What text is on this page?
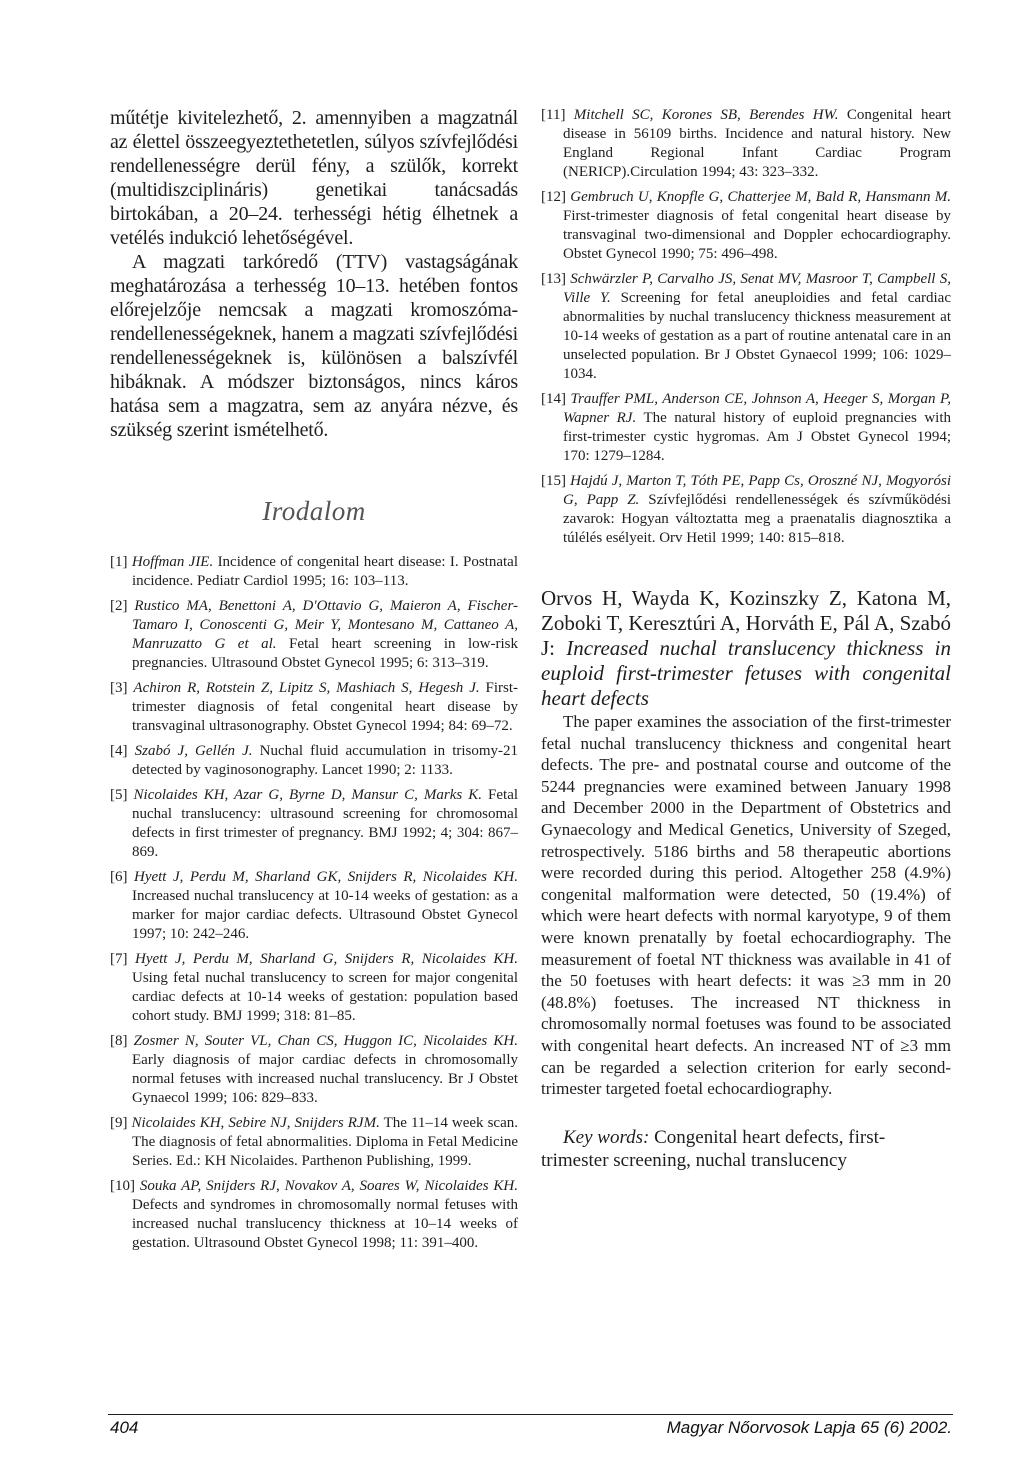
műtétje kivitelezhető, 2. amennyiben a magzatnál az élettel összeegyeztethetetlen, súlyos szívfejlődési rendellenességre derül fény, a szülők, korrekt (multidiszciplináris) genetikai tanácsadás birtokában, a 20–24. terhességi hétig élhetnek a vetélés indukció lehetőségével.

A magzati tarkóredő (TTV) vastagságának meghatározása a terhesség 10–13. hetében fontos előrejelzője nemcsak a magzati kromoszóma-rendellenességeknek, hanem a magzati szívfejlődési rendellenességeknek is, különösen a balszívfél hibáknak. A módszer biztonságos, nincs káros hatása sem a magzatra, sem az anyára nézve, és szükség szerint ismételhető.

Irodalom
[1] Hoffman JIE. Incidence of congenital heart disease: I. Postnatal incidence. Pediatr Cardiol 1995; 16: 103–113.
[2] Rustico MA, Benettoni A, D'Ottavio G, Maieron A, Fischer-Tamaro I, Conoscenti G, Meir Y, Montesano M, Cattaneo A, Manruzatto G et al. Fetal heart screening in low-risk pregnancies. Ultrasound Obstet Gynecol 1995; 6: 313–319.
[3] Achiron R, Rotstein Z, Lipitz S, Mashiach S, Hegesh J. First-trimester diagnosis of fetal congenital heart disease by transvaginal ultrasonography. Obstet Gynecol 1994; 84: 69–72.
[4] Szabó J, Gellén J. Nuchal fluid accumulation in trisomy-21 detected by vaginosonography. Lancet 1990; 2: 1133.
[5] Nicolaides KH, Azar G, Byrne D, Mansur C, Marks K. Fetal nuchal translucency: ultrasound screening for chromosomal defects in first trimester of pregnancy. BMJ 1992; 4; 304: 867–869.
[6] Hyett J, Perdu M, Sharland GK, Snijders R, Nicolaides KH. Increased nuchal translucency at 10-14 weeks of gestation: as a marker for major cardiac defects. Ultrasound Obstet Gynecol 1997; 10: 242–246.
[7] Hyett J, Perdu M, Sharland G, Snijders R, Nicolaides KH. Using fetal nuchal translucency to screen for major congenital cardiac defects at 10-14 weeks of gestation: population based cohort study. BMJ 1999; 318: 81–85.
[8] Zosmer N, Souter VL, Chan CS, Huggon IC, Nicolaides KH. Early diagnosis of major cardiac defects in chromosomally normal fetuses with increased nuchal translucency. Br J Obstet Gynaecol 1999; 106: 829–833.
[9] Nicolaides KH, Sebire NJ, Snijders RJM. The 11–14 week scan. The diagnosis of fetal abnormalities. Diploma in Fetal Medicine Series. Ed.: KH Nicolaides. Parthenon Publishing, 1999.
[10] Souka AP, Snijders RJ, Novakov A, Soares W, Nicolaides KH. Defects and syndromes in chromosomally normal fetuses with increased nuchal translucency thickness at 10–14 weeks of gestation. Ultrasound Obstet Gynecol 1998; 11: 391–400.
[11] Mitchell SC, Korones SB, Berendes HW. Congenital heart disease in 56109 births. Incidence and natural history. New England Regional Infant Cardiac Program (NERICP).Circulation 1994; 43: 323–332.
[12] Gembruch U, Knopfle G, Chatterjee M, Bald R, Hansmann M. First-trimester diagnosis of fetal congenital heart disease by transvaginal two-dimensional and Doppler echocardiography. Obstet Gynecol 1990; 75: 496–498.
[13] Schwärzler P, Carvalho JS, Senat MV, Masroor T, Campbell S, Ville Y. Screening for fetal aneuploidies and fetal cardiac abnormalities by nuchal translucency thickness measurement at 10-14 weeks of gestation as a part of routine antenatal care in an unselected population. Br J Obstet Gynaecol 1999; 106: 1029–1034.
[14] Trauffer PML, Anderson CE, Johnson A, Heeger S, Morgan P, Wapner RJ. The natural history of euploid pregnancies with first-trimester cystic hygromas. Am J Obstet Gynecol 1994; 170: 1279–1284.
[15] Hajdú J, Marton T, Tóth PE, Papp Cs, Oroszné NJ, Mogyorósi G, Papp Z. Szívfejlődési rendellenességek és szívműködési zavarok: Hogyan változtatta meg a praenatalis diagnosztika a túlélés esélyeit. Orv Hetil 1999; 140: 815–818.

Orvos H, Wayda K, Kozinszky Z, Katona M, Zoboki T, Keresztúri A, Horváth E, Pál A, Szabó J: Increased nuchal translucency thickness in euploid first-trimester fetuses with congenital heart defects

The paper examines the association of the first-trimester fetal nuchal translucency thickness and congenital heart defects. The pre- and postnatal course and outcome of the 5244 pregnancies were examined between January 1998 and December 2000 in the Department of Obstetrics and Gynaecology and Medical Genetics, University of Szeged, retrospectively. 5186 births and 58 therapeutic abortions were recorded during this period. Altogether 258 (4.9%) congenital malformation were detected, 50 (19.4%) of which were heart defects with normal karyotype, 9 of them were known prenatally by foetal echocardiography. The measurement of foetal NT thickness was available in 41 of the 50 foetuses with heart defects: it was ≥3 mm in 20 (48.8%) foetuses. The increased NT thickness in chromosomally normal foetuses was found to be associated with congenital heart defects. An increased NT of ≥3 mm can be regarded a selection criterion for early second-trimester targeted foetal echocardiography.

Key words: Congenital heart defects, first-trimester screening, nuchal translucency

404	Magyar Nőorvosok Lapja 65 (6) 2002.
